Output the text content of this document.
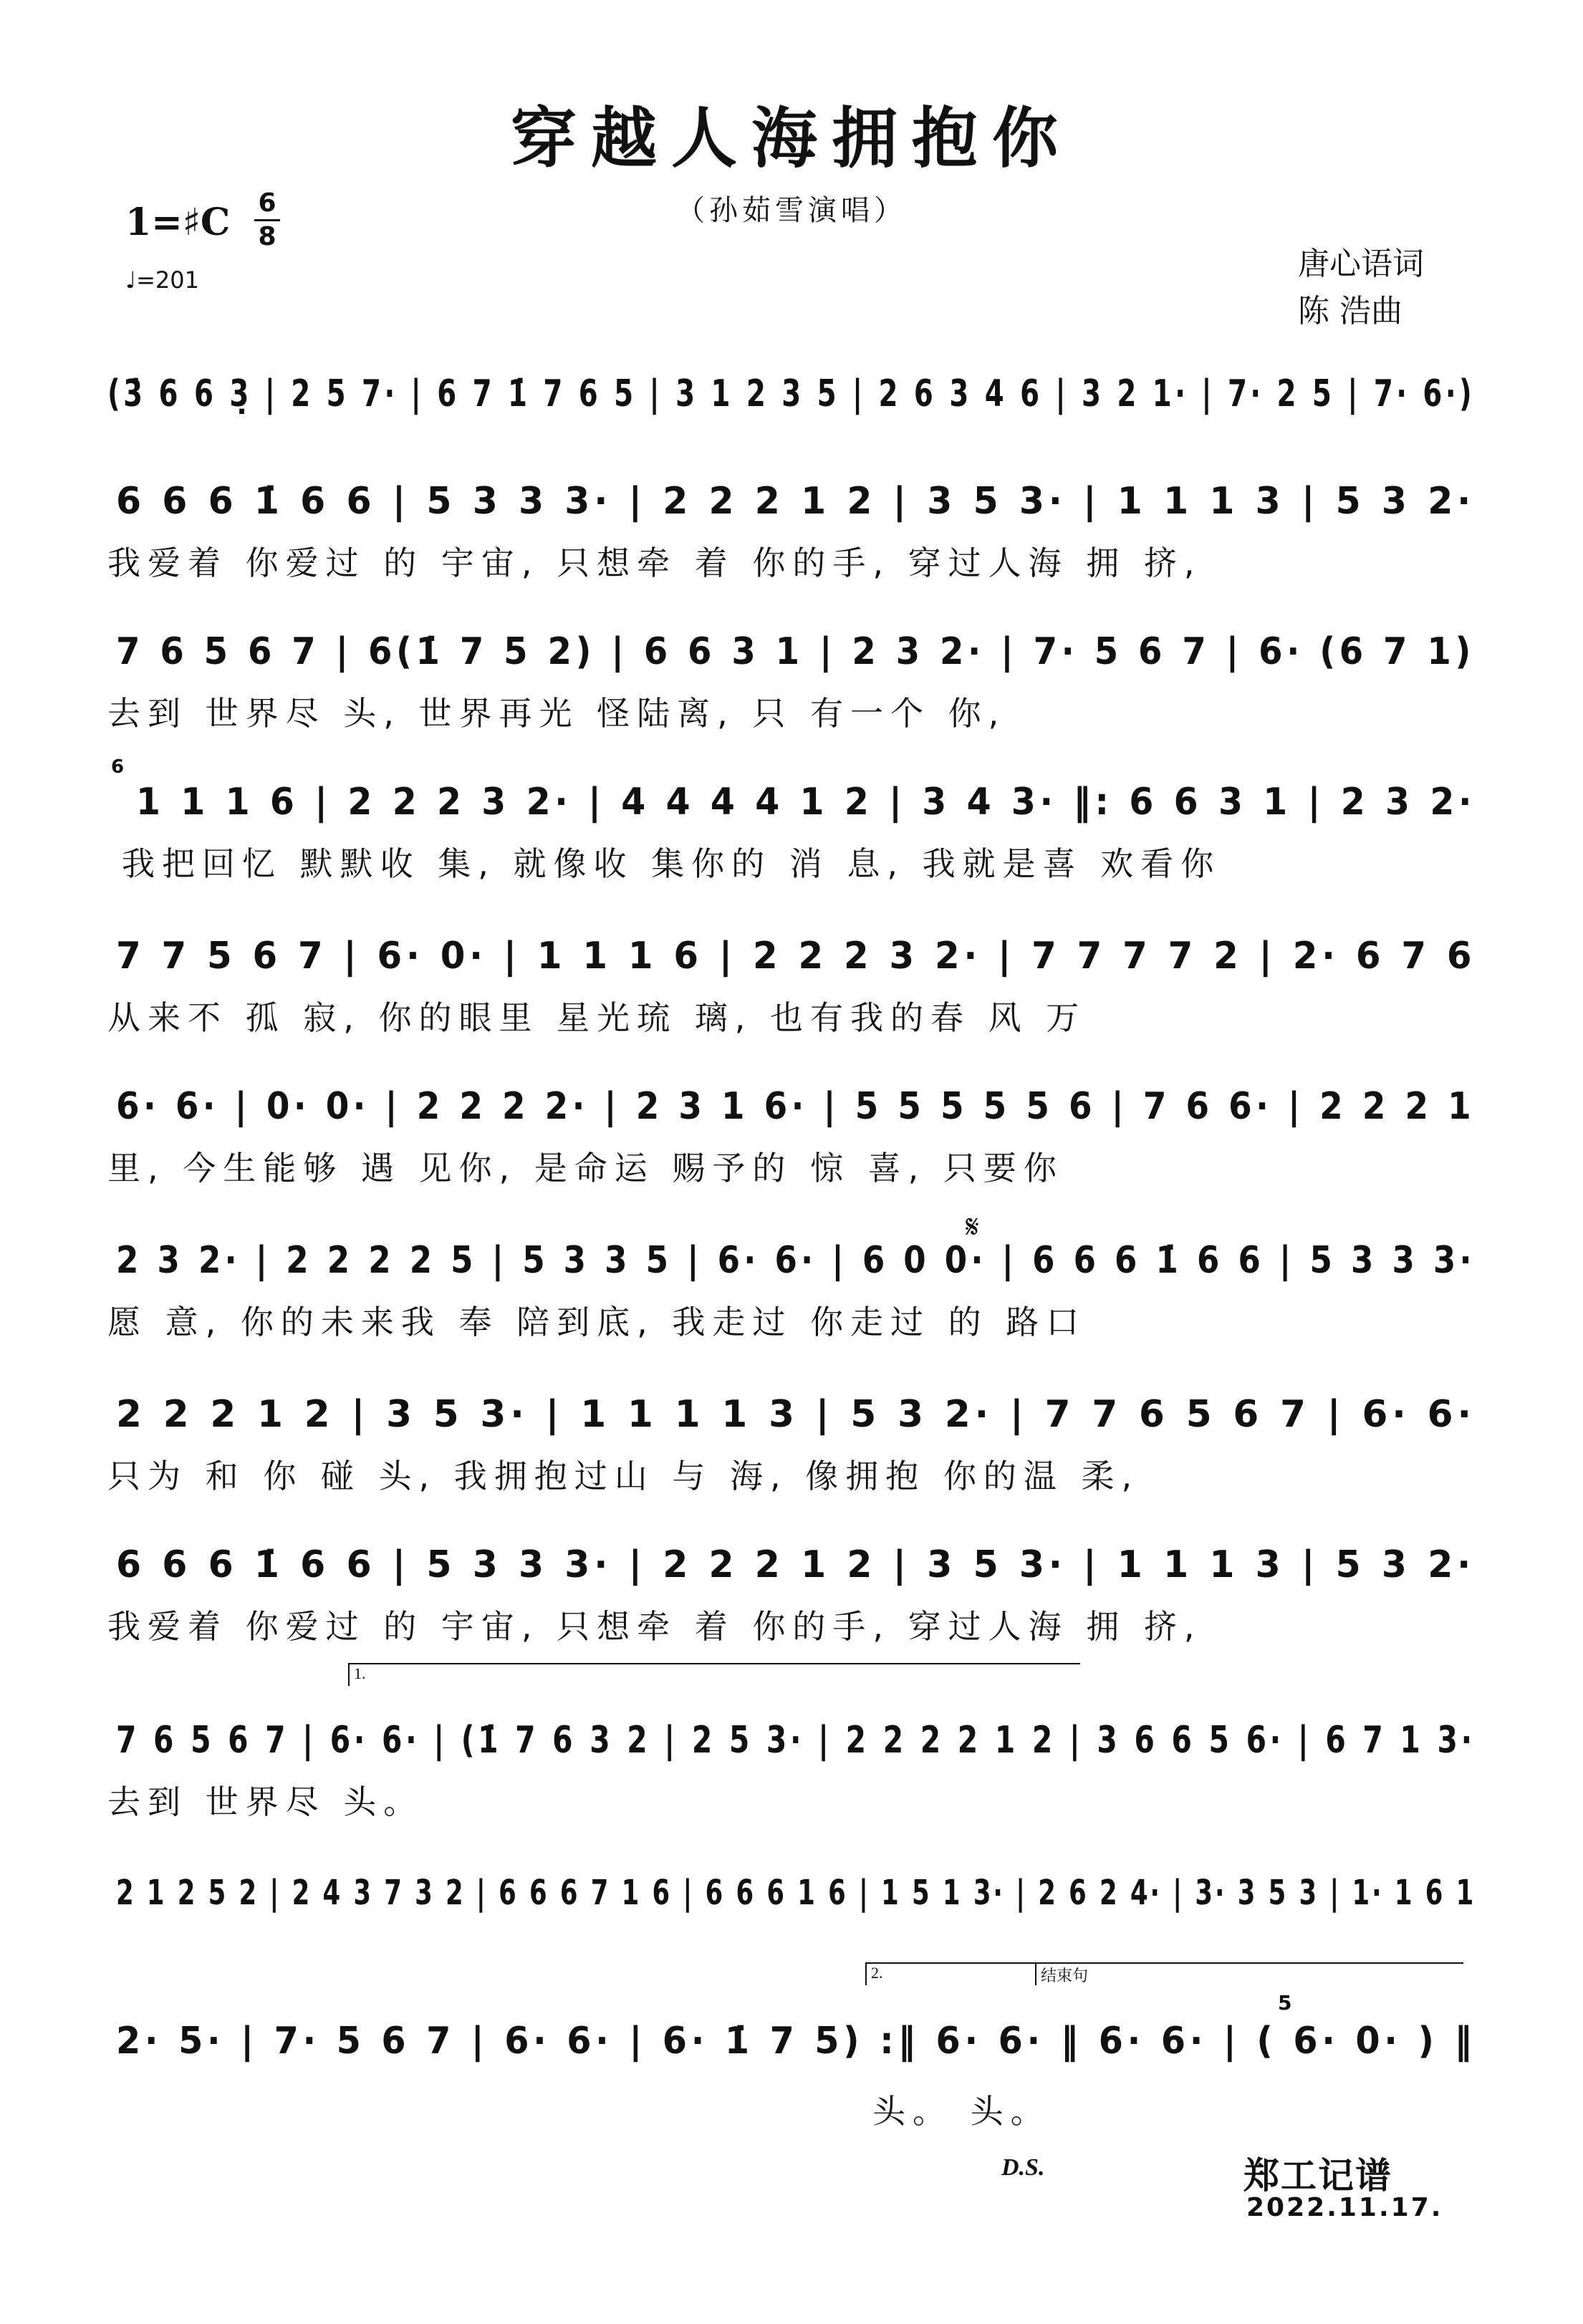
穿越人海拥抱你
（孙茹雪演唱）
1=♯C 6
8
♩=201	唐心语词
陈 浩曲
(3̇ 6 6 3̣ | 2 5 7· | 6 7 1̇ 7 6 5 | 3 1 2 3 5 | 2 6 3 4 6 | 3 2 1· | 7· 2 5 | 7· 6·)
6 6 6 1̇ 6 6 | 5 3 3 3· | 2 2 2 1 2 | 3 5 3· | 1 1 1 3 | 5 3 2·
我爱着 你爱过 的 宇宙, 只想牵 着 你的手, 穿过人海 拥 挤,
7 6 5 6 7 | 6(1̇ 7 5 2) | 6 6 3 1 | 2 3 2· | 7· 5 6 7 | 6· (6 7 1)
去到 世界尽 头, 世界再光 怪陆离, 只 有一个 你,
6
1 1 1 6 | 2 2 2 3 2· | 4 4 4 4 1 2 | 3 4 3· ‖: 6 6 3 1 | 2 3 2·
我把回忆 默默收 集, 就像收 集你的 消 息, 我就是喜 欢看你
7 7 5 6 7 | 6· 0· | 1 1 1 6 | 2 2 2 3 2· | 7 7 7 7 2 | 2· 6 7 6
从来不 孤 寂, 你的眼里 星光琉 璃, 也有我的春 风 万
6· 6· | 0· 0· | 2 2 2 2· | 2 3 1 6· | 5 5 5 5 5 6 | 7 6 6· | 2 2 2 1
里, 今生能够 遇 见你, 是命运 赐予的 惊 喜, 只要你
𝄋
2 3 2· | 2 2 2 2 5 | 5 3 3 5 | 6· 6· | 6 0 0· | 6 6 6 1̇ 6 6 | 5 3 3 3·
愿 意, 你的未来我 奉 陪到底, 我走过 你走过 的 路口
2 2 2 1 2 | 3 5 3· | 1 1 1 1 3 | 5 3 2· | 7 7 6 5 6 7 | 6· 6·
只为 和 你 碰 头, 我拥抱过山 与 海, 像拥抱 你的温 柔,
6 6 6 1̇ 6 6 | 5 3 3 3· | 2 2 2 1 2 | 3 5 3· | 1 1 1 3 | 5 3 2·
我爱着 你爱过 的 宇宙, 只想牵 着 你的手, 穿过人海 拥 挤,
1.
7 6 5 6 7 | 6· 6· | (1̇ 7 6 3 2 | 2 5 3· | 2 2 2 2 1 2 | 3 6 6 5 6· | 6 7 1 3·
去到 世界尽 头。
2 1 2 5 2 | 2 4 3 7 3 2 | 6 6 6 7 1 6 | 6 6 6 1 6 | 1 5 1 3· | 2 6 2 4· | 3· 3 5 3 | 1· 1 6 1
2.	结束句
5
2· 5· | 7· 5 6 7 | 6· 6· | 6· 1̇ 7 5) :‖ 6· 6· ‖ 6· 6· | ( 6· 0· ) ‖
头。 头。
D.S.	郑工记谱
2022.11.17.
